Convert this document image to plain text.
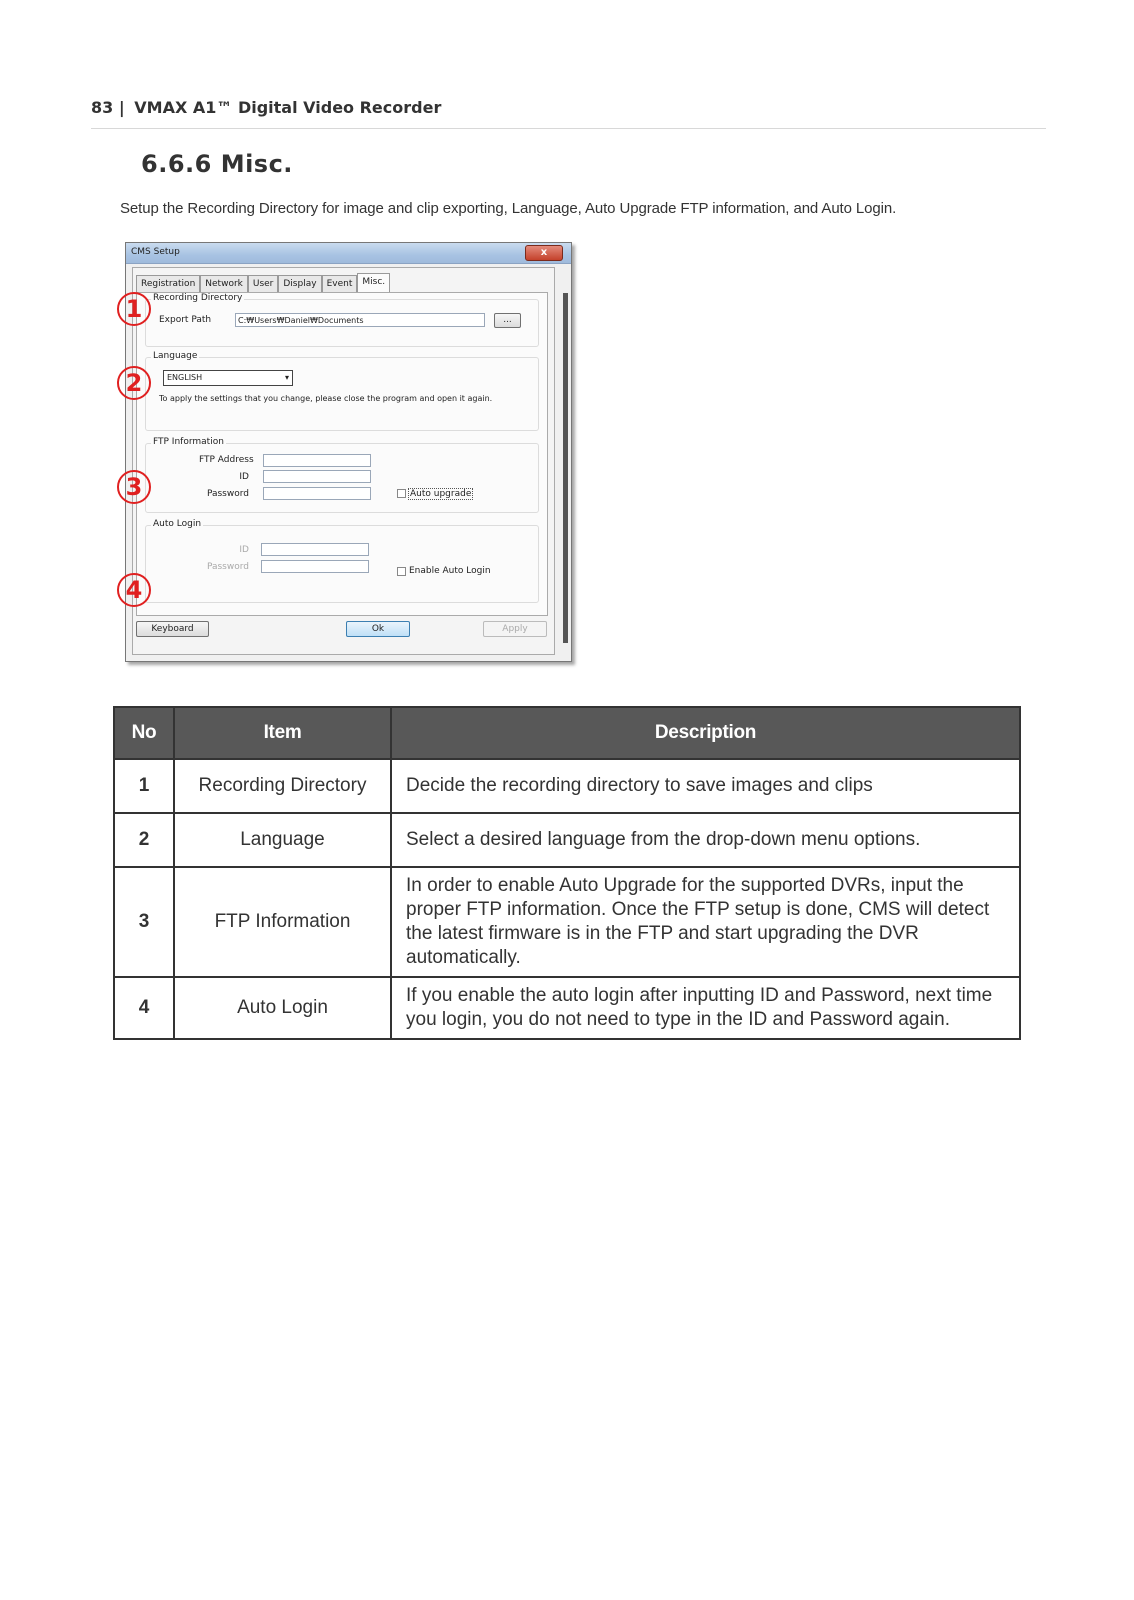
83 | VMAX A1™ Digital Video Recorder
6.6.6 Misc.
Setup the Recording Directory for image and clip exporting, Language, Auto Upgrade FTP information, and Auto Login.
CMS Setup	x
Registration	Network	User	Display	Event	Misc.
Recording Directory
Export Path	C:₩Users₩Daniel₩Documents	...
Language
ENGLISH	▾
To apply the settings that you change, please close the program and open it again.
FTP Information
FTP Address
ID
Password	Auto upgrade
Auto Login
ID
Password	Enable Auto Login
Keyboard	Ok	Apply
1
2
3
4
No	Item	Description
1	Recording Directory	Decide the recording directory to save images and clips
2	Language	Select a desired language from the drop-down menu options.
3	FTP Information	In order to enable Auto Upgrade for the supported DVRs, input the proper FTP information. Once the FTP setup is done, CMS will detect the latest firmware is in the FTP and start upgrading the DVR automatically.
4	Auto Login	If you enable the auto login after inputting ID and Password, next time you login, you do not need to type in the ID and Password again.
